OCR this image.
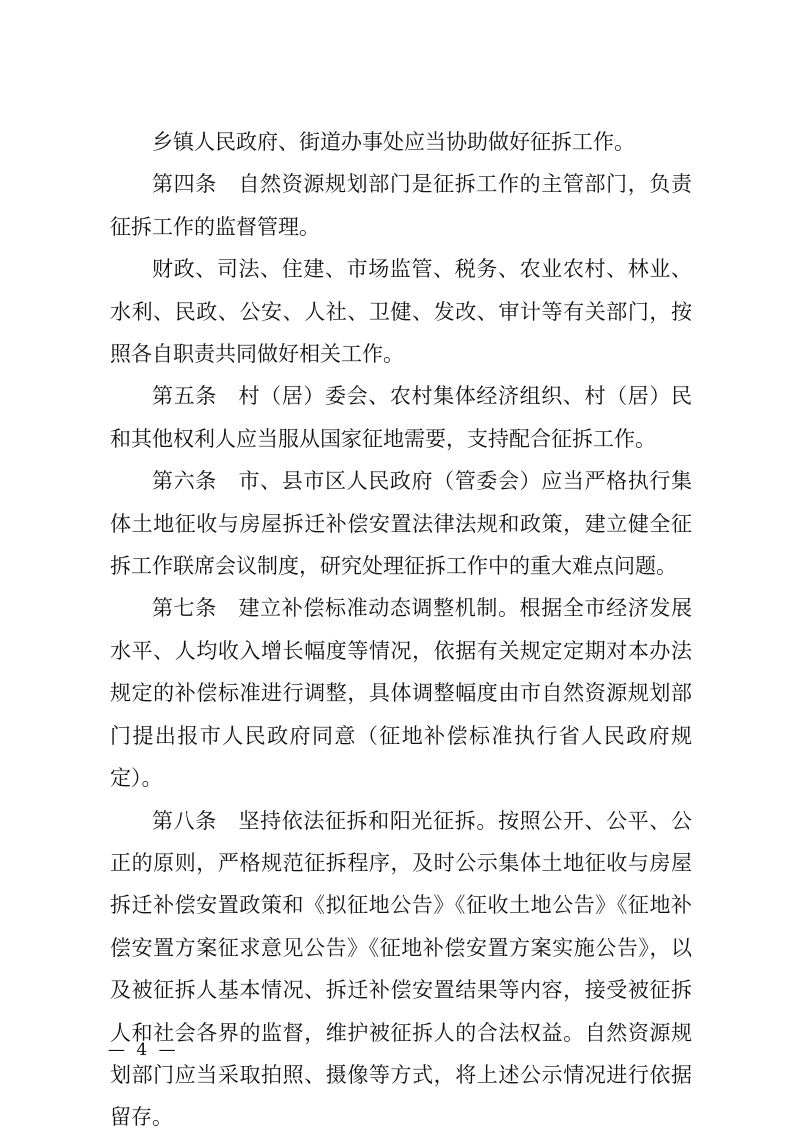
乡镇人民政府、街道办事处应当协助做好征拆工作。

第四条　自然资源规划部门是征拆工作的主管部门，负责征拆工作的监督管理。

财政、司法、住建、市场监管、税务、农业农村、林业、水利、民政、公安、人社、卫健、发改、审计等有关部门，按照各自职责共同做好相关工作。

第五条　村（居）委会、农村集体经济组织、村（居）民和其他权利人应当服从国家征地需要，支持配合征拆工作。

第六条　市、县市区人民政府（管委会）应当严格执行集体土地征收与房屋拆迁补偿安置法律法规和政策，建立健全征拆工作联席会议制度，研究处理征拆工作中的重大难点问题。

第七条　建立补偿标准动态调整机制。根据全市经济发展水平、人均收入增长幅度等情况，依据有关规定定期对本办法规定的补偿标准进行调整，具体调整幅度由市自然资源规划部门提出报市人民政府同意（征地补偿标准执行省人民政府规定）。

第八条　坚持依法征拆和阳光征拆。按照公开、公平、公正的原则，严格规范征拆程序，及时公示集体土地征收与房屋拆迁补偿安置政策和《拟征地公告》《征收土地公告》《征地补偿安置方案征求意见公告》《征地补偿安置方案实施公告》，以及被征拆人基本情况、拆迁补偿安置结果等内容，接受被征拆人和社会各界的监督，维护被征拆人的合法权益。自然资源规划部门应当采取拍照、摄像等方式，将上述公示情况进行依据留存。

— 4 —
